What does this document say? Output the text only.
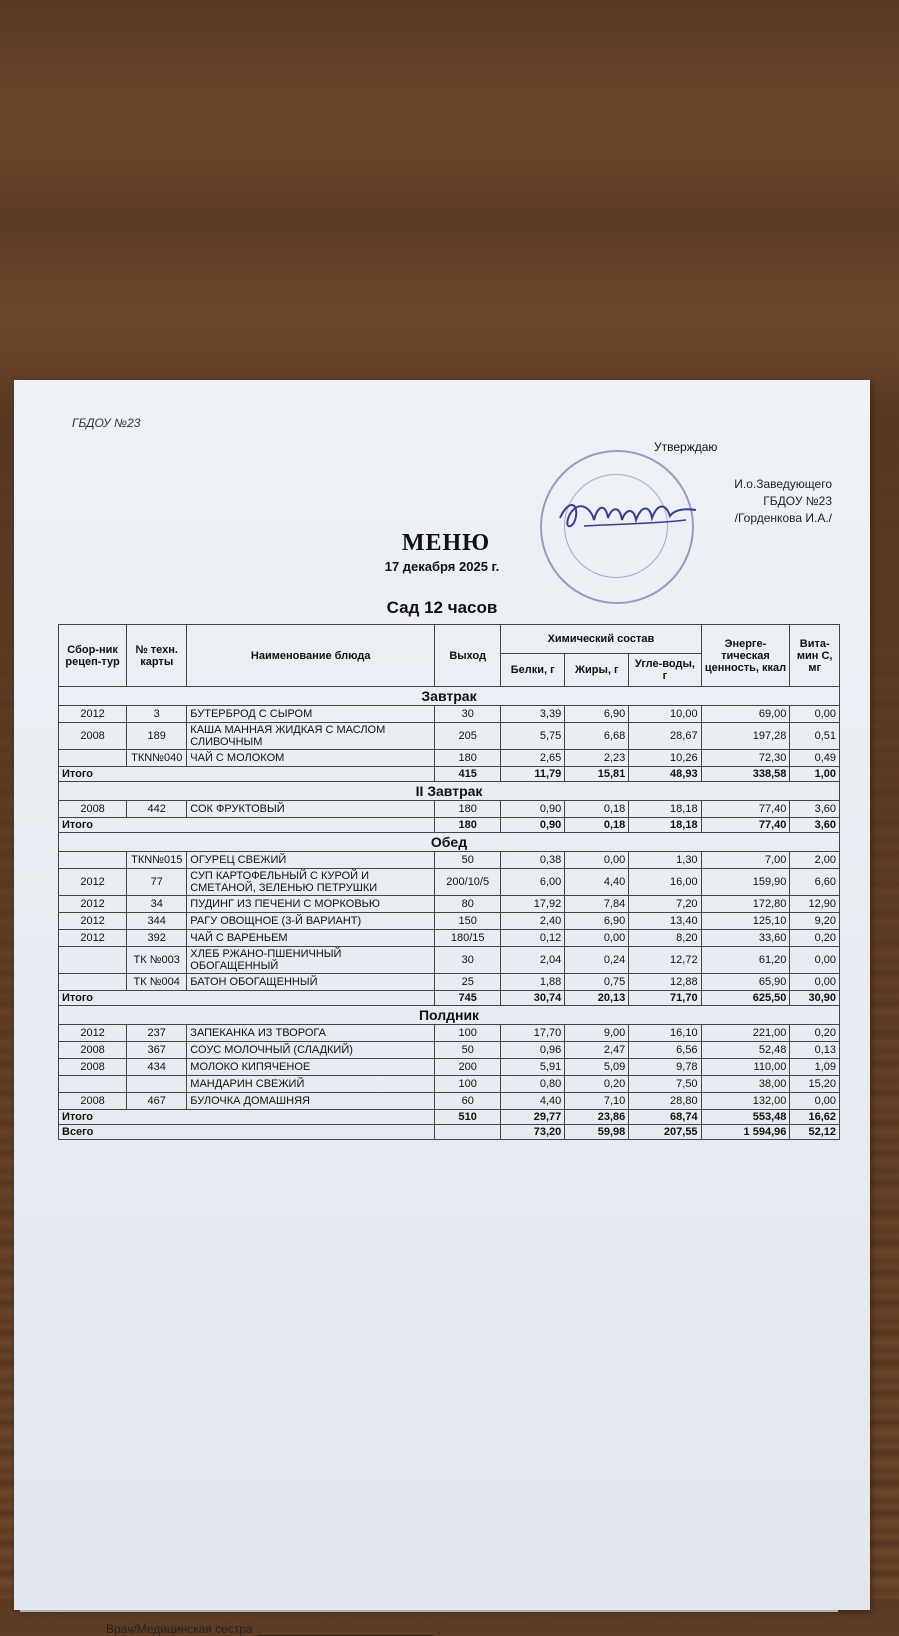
ГБДОУ №23
Утверждаю
И.о.Заведующего
ГБДОУ №23
/Горденкова И.А./
МЕНЮ
17 декабря 2025 г.
Сад 12 часов
Сбор-ник рецеп-тур	№ техн. карты	Наименование блюда	Выход	Химический состав			Энерге-тическая ценность, ккал	Вита-мин С, мг
				Белки, г	Жиры, г	Угле-воды, г		
Завтрак								
2012	3	БУТЕРБРОД С СЫРОМ	30	3,39	6,90	10,00	69,00	0,00
2008	189	КАША МАННАЯ ЖИДКАЯ С МАСЛОМ СЛИВОЧНЫМ	205	5,75	6,68	28,67	197,28	0,51
	ТКN№040	ЧАЙ С МОЛОКОМ	180	2,65	2,23	10,26	72,30	0,49
Итого			415	11,79	15,81	48,93	338,58	1,00
II Завтрак								
2008	442	СОК ФРУКТОВЫЙ	180	0,90	0,18	18,18	77,40	3,60
Итого			180	0,90	0,18	18,18	77,40	3,60
Обед								
	ТКN№015	ОГУРЕЦ СВЕЖИЙ	50	0,38	0,00	1,30	7,00	2,00
2012	77	СУП КАРТОФЕЛЬНЫЙ С КУРОЙ И СМЕТАНОЙ, ЗЕЛЕНЬЮ ПЕТРУШКИ	200/10/5	6,00	4,40	16,00	159,90	6,60
2012	34	ПУДИНГ ИЗ ПЕЧЕНИ С МОРКОВЬЮ	80	17,92	7,84	7,20	172,80	12,90
2012	344	РАГУ ОВОЩНОЕ (3-Й ВАРИАНТ)	150	2,40	6,90	13,40	125,10	9,20
2012	392	ЧАЙ С ВАРЕНЬЕМ	180/15	0,12	0,00	8,20	33,60	0,20
	ТК №003	ХЛЕБ РЖАНО-ПШЕНИЧНЫЙ ОБОГАЩЕННЫЙ	30	2,04	0,24	12,72	61,20	0,00
	ТК №004	БАТОН ОБОГАЩЕННЫЙ	25	1,88	0,75	12,88	65,90	0,00
Итого			745	30,74	20,13	71,70	625,50	30,90
Полдник								
2012	237	ЗАПЕКАНКА ИЗ ТВОРОГА	100	17,70	9,00	16,10	221,00	0,20
2008	367	СОУС МОЛОЧНЫЙ (СЛАДКИЙ)	50	0,96	2,47	6,56	52,48	0,13
2008	434	МОЛОКО КИПЯЧЕНОЕ	200	5,91	5,09	9,78	110,00	1,09
		МАНДАРИН СВЕЖИЙ	100	0,80	0,20	7,50	38,00	15,20
2008	467	БУЛОЧКА ДОМАШНЯЯ	60	4,40	7,10	28,80	132,00	0,00
Итого			510	29,77	23,86	68,74	553,48	16,62
Всего				73,20	59,98	207,55	1 594,96	52,12
Врач/Медицинская сестра
